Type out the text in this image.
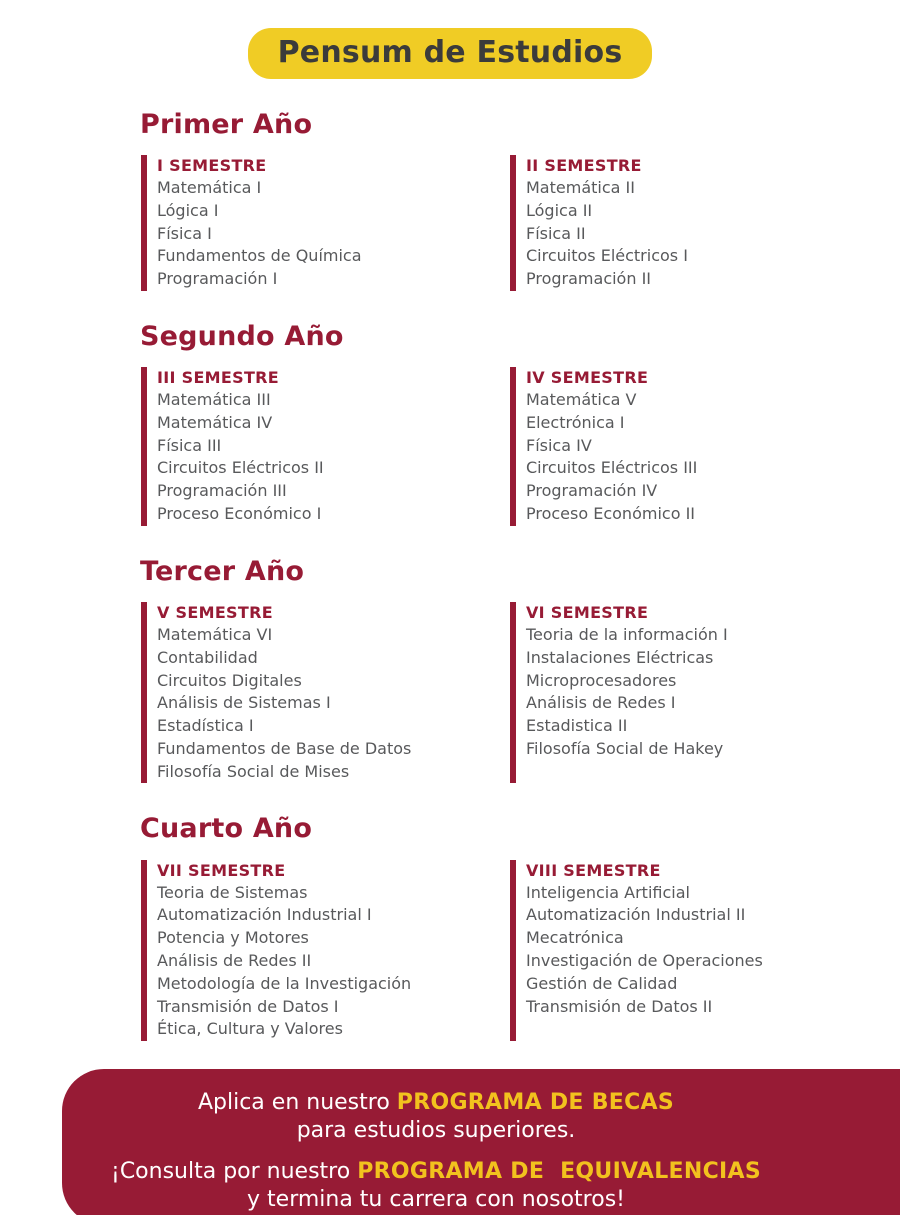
Pensum de Estudios
Primer Año
I SEMESTRE
Matemática I
Lógica I
Física I
Fundamentos de Química
Programación I
II SEMESTRE
Matemática II
Lógica II
Física II
Circuitos Eléctricos I
Programación II
Segundo Año
III SEMESTRE
Matemática III
Matemática IV
Física III
Circuitos Eléctricos II
Programación III
Proceso Económico I
IV SEMESTRE
Matemática V
Electrónica I
Física IV
Circuitos Eléctricos III
Programación IV
Proceso Económico II
Tercer Año
V SEMESTRE
Matemática VI
Contabilidad
Circuitos Digitales
Análisis de Sistemas I
Estadística I
Fundamentos de Base de Datos
Filosofía Social de Mises
VI SEMESTRE
Teoria de la información I
Instalaciones Eléctricas
Microprocesadores
Análisis de Redes I
Estadistica II
Filosofía Social de Hakey
Cuarto Año
VII SEMESTRE
Teoria de Sistemas
Automatización Industrial I
Potencia y Motores
Análisis de Redes II
Metodología de la Investigación
Transmisión de Datos I
Ética, Cultura y Valores
VIII SEMESTRE
Inteligencia Artificial
Automatización Industrial II
Mecatrónica
Investigación de Operaciones
Gestión de Calidad
Transmisión de Datos II

Aplica en nuestro PROGRAMA DE BECAS

para estudios superiores.

¡Consulta por nuestro PROGRAMA DE  EQUIVALENCIAS

y termina tu carrera con nosotros!
